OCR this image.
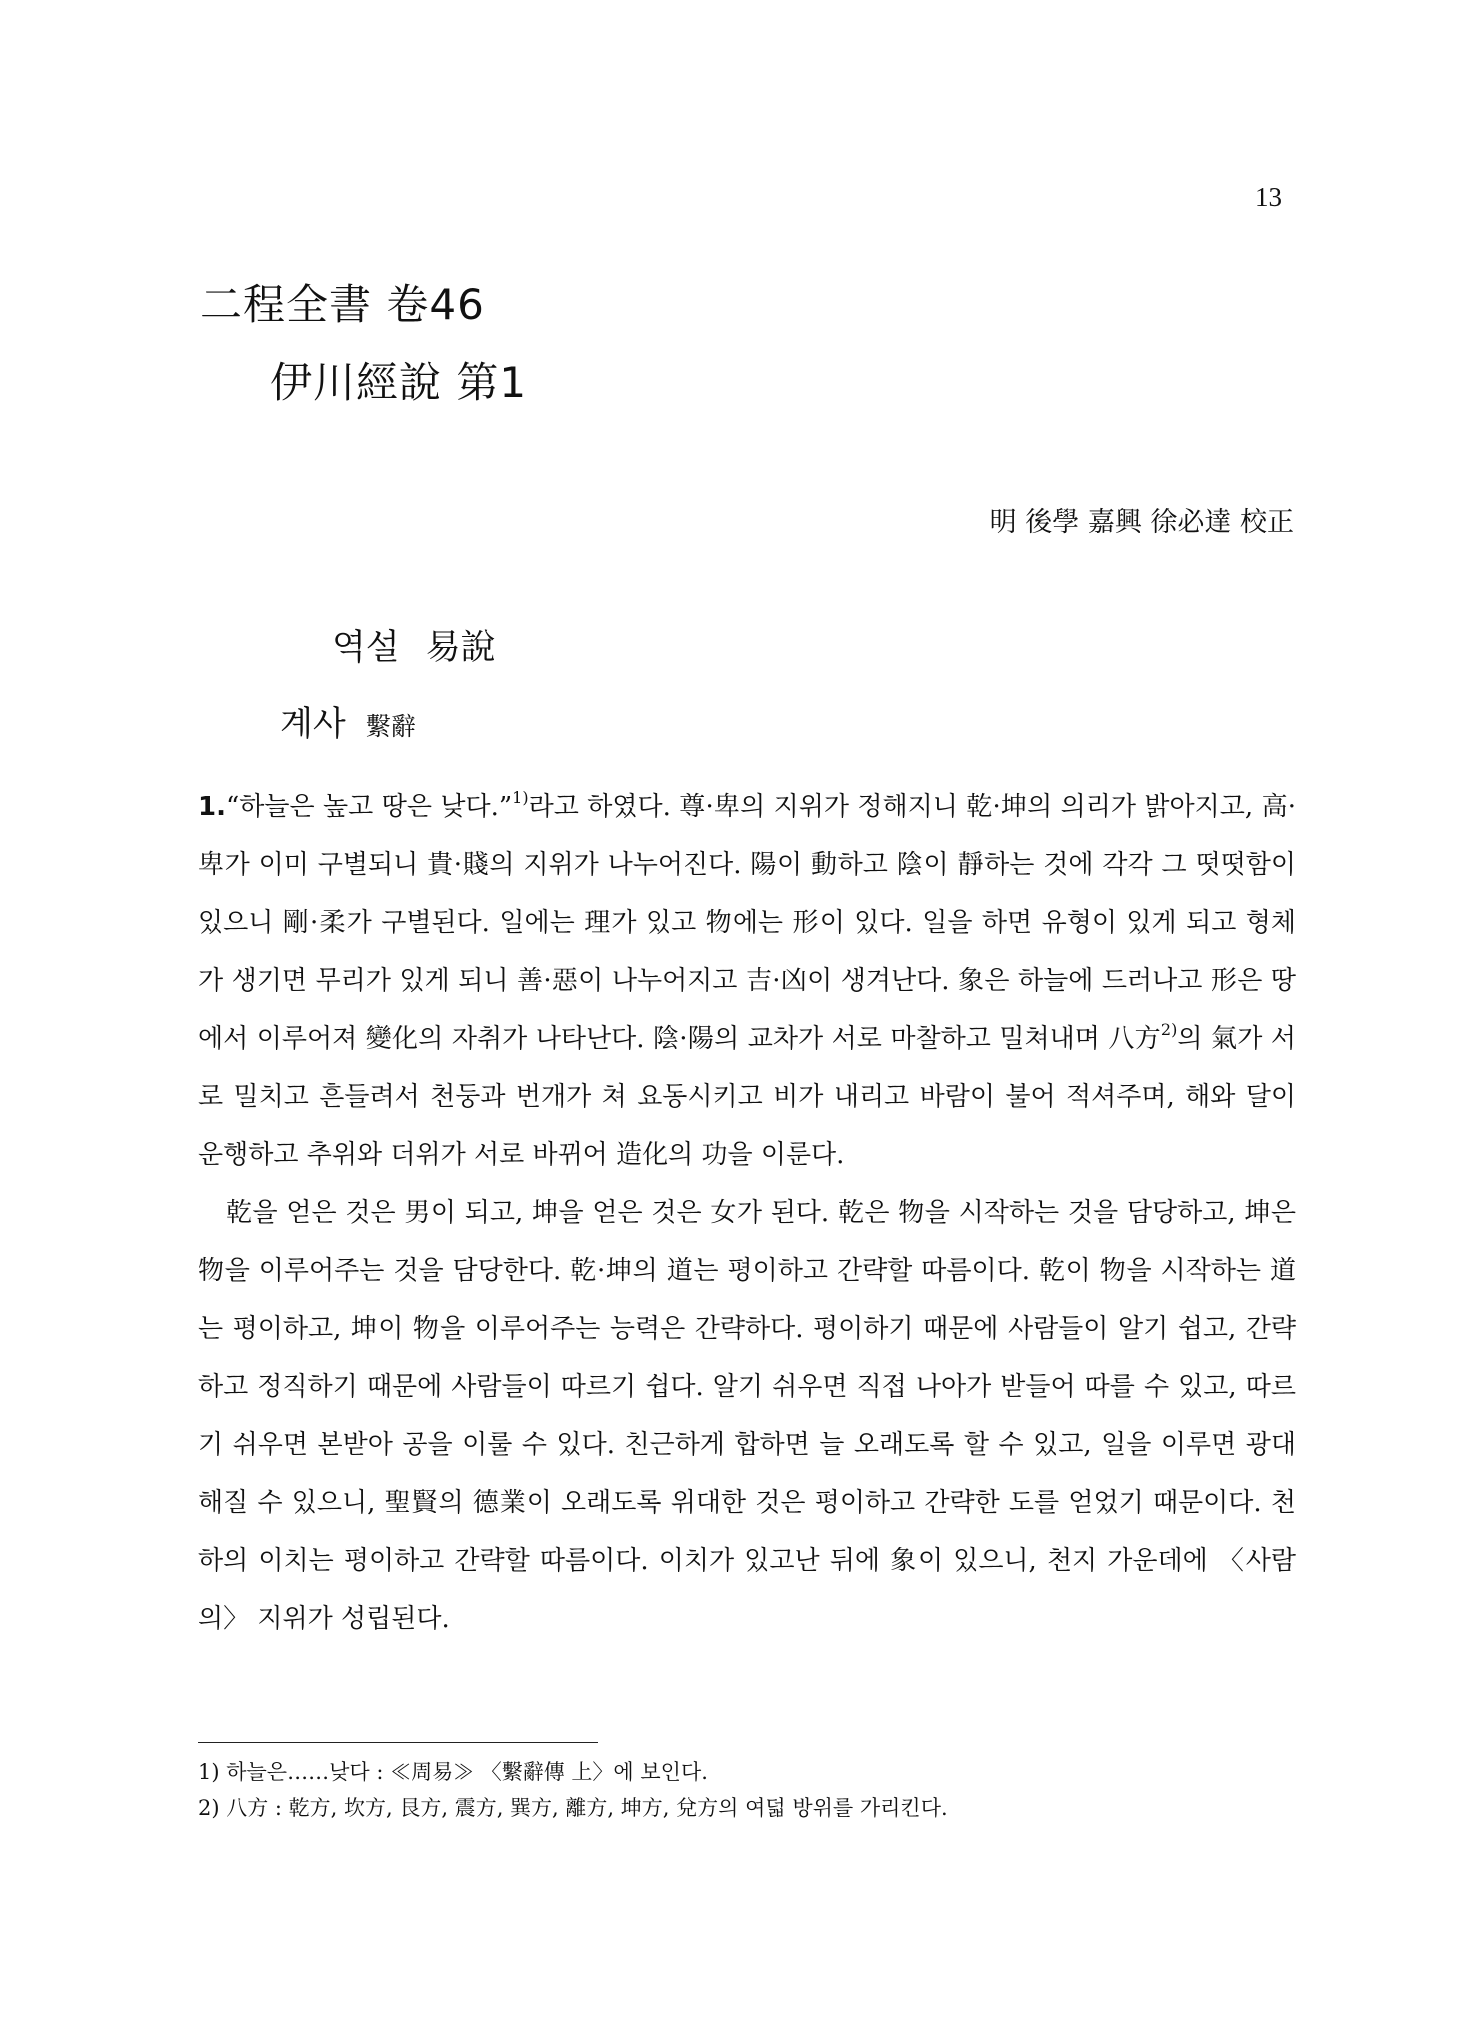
13
二程全書 卷46
伊川經說 第1
明 後學 嘉興 徐必達 校正
역설 易說
계사 繫辭

1.“하늘은 높고 땅은 낮다.”$^{1)}$라고 하였다. 尊·卑의 지위가 정해지니 乾·坤의 의리가 밝아지고, 高·卑가 이미 구별되니 貴·賤의 지위가 나누어진다. 陽이 動하고 陰이 靜하는 것에 각각 그 떳떳함이 있으니 剛·柔가 구별된다. 일에는 理가 있고 物에는 形이 있다. 일을 하면 유형이 있게 되고 형체가 생기면 무리가 있게 되니 善·惡이 나누어지고 吉·凶이 생겨난다. 象은 하늘에 드러나고 形은 땅에서 이루어져 變化의 자취가 나타난다. 陰·陽의 교차가 서로 마찰하고 밀쳐내며 八方$^{2)}$의 氣가 서로 밀치고 흔들려서 천둥과 번개가 쳐 요동시키고 비가 내리고 바람이 불어 적셔주며, 해와 달이 운행하고 추위와 더위가 서로 바뀌어 造化의 功을 이룬다.

乾을 얻은 것은 男이 되고, 坤을 얻은 것은 女가 된다. 乾은 物을 시작하는 것을 담당하고, 坤은 物을 이루어주는 것을 담당한다. 乾·坤의 道는 평이하고 간략할 따름이다. 乾이 物을 시작하는 道는 평이하고, 坤이 物을 이루어주는 능력은 간략하다. 평이하기 때문에 사람들이 알기 쉽고, 간략하고 정직하기 때문에 사람들이 따르기 쉽다. 알기 쉬우면 직접 나아가 받들어 따를 수 있고, 따르기 쉬우면 본받아 공을 이룰 수 있다. 친근하게 합하면 늘 오래도록 할 수 있고, 일을 이루면 광대해질 수 있으니, 聖賢의 德業이 오래도록 위대한 것은 평이하고 간략한 도를 얻었기 때문이다. 천하의 이치는 평이하고 간략할 따름이다. 이치가 있고난 뒤에 象이 있으니, 천지 가운데에 〈사람의〉 지위가 성립된다.

1) 하늘은……낮다 : ≪周易≫ 〈繫辭傳 上〉에 보인다.
2) 八方 : 乾方, 坎方, 艮方, 震方, 巽方, 離方, 坤方, 兌方의 여덟 방위를 가리킨다.
